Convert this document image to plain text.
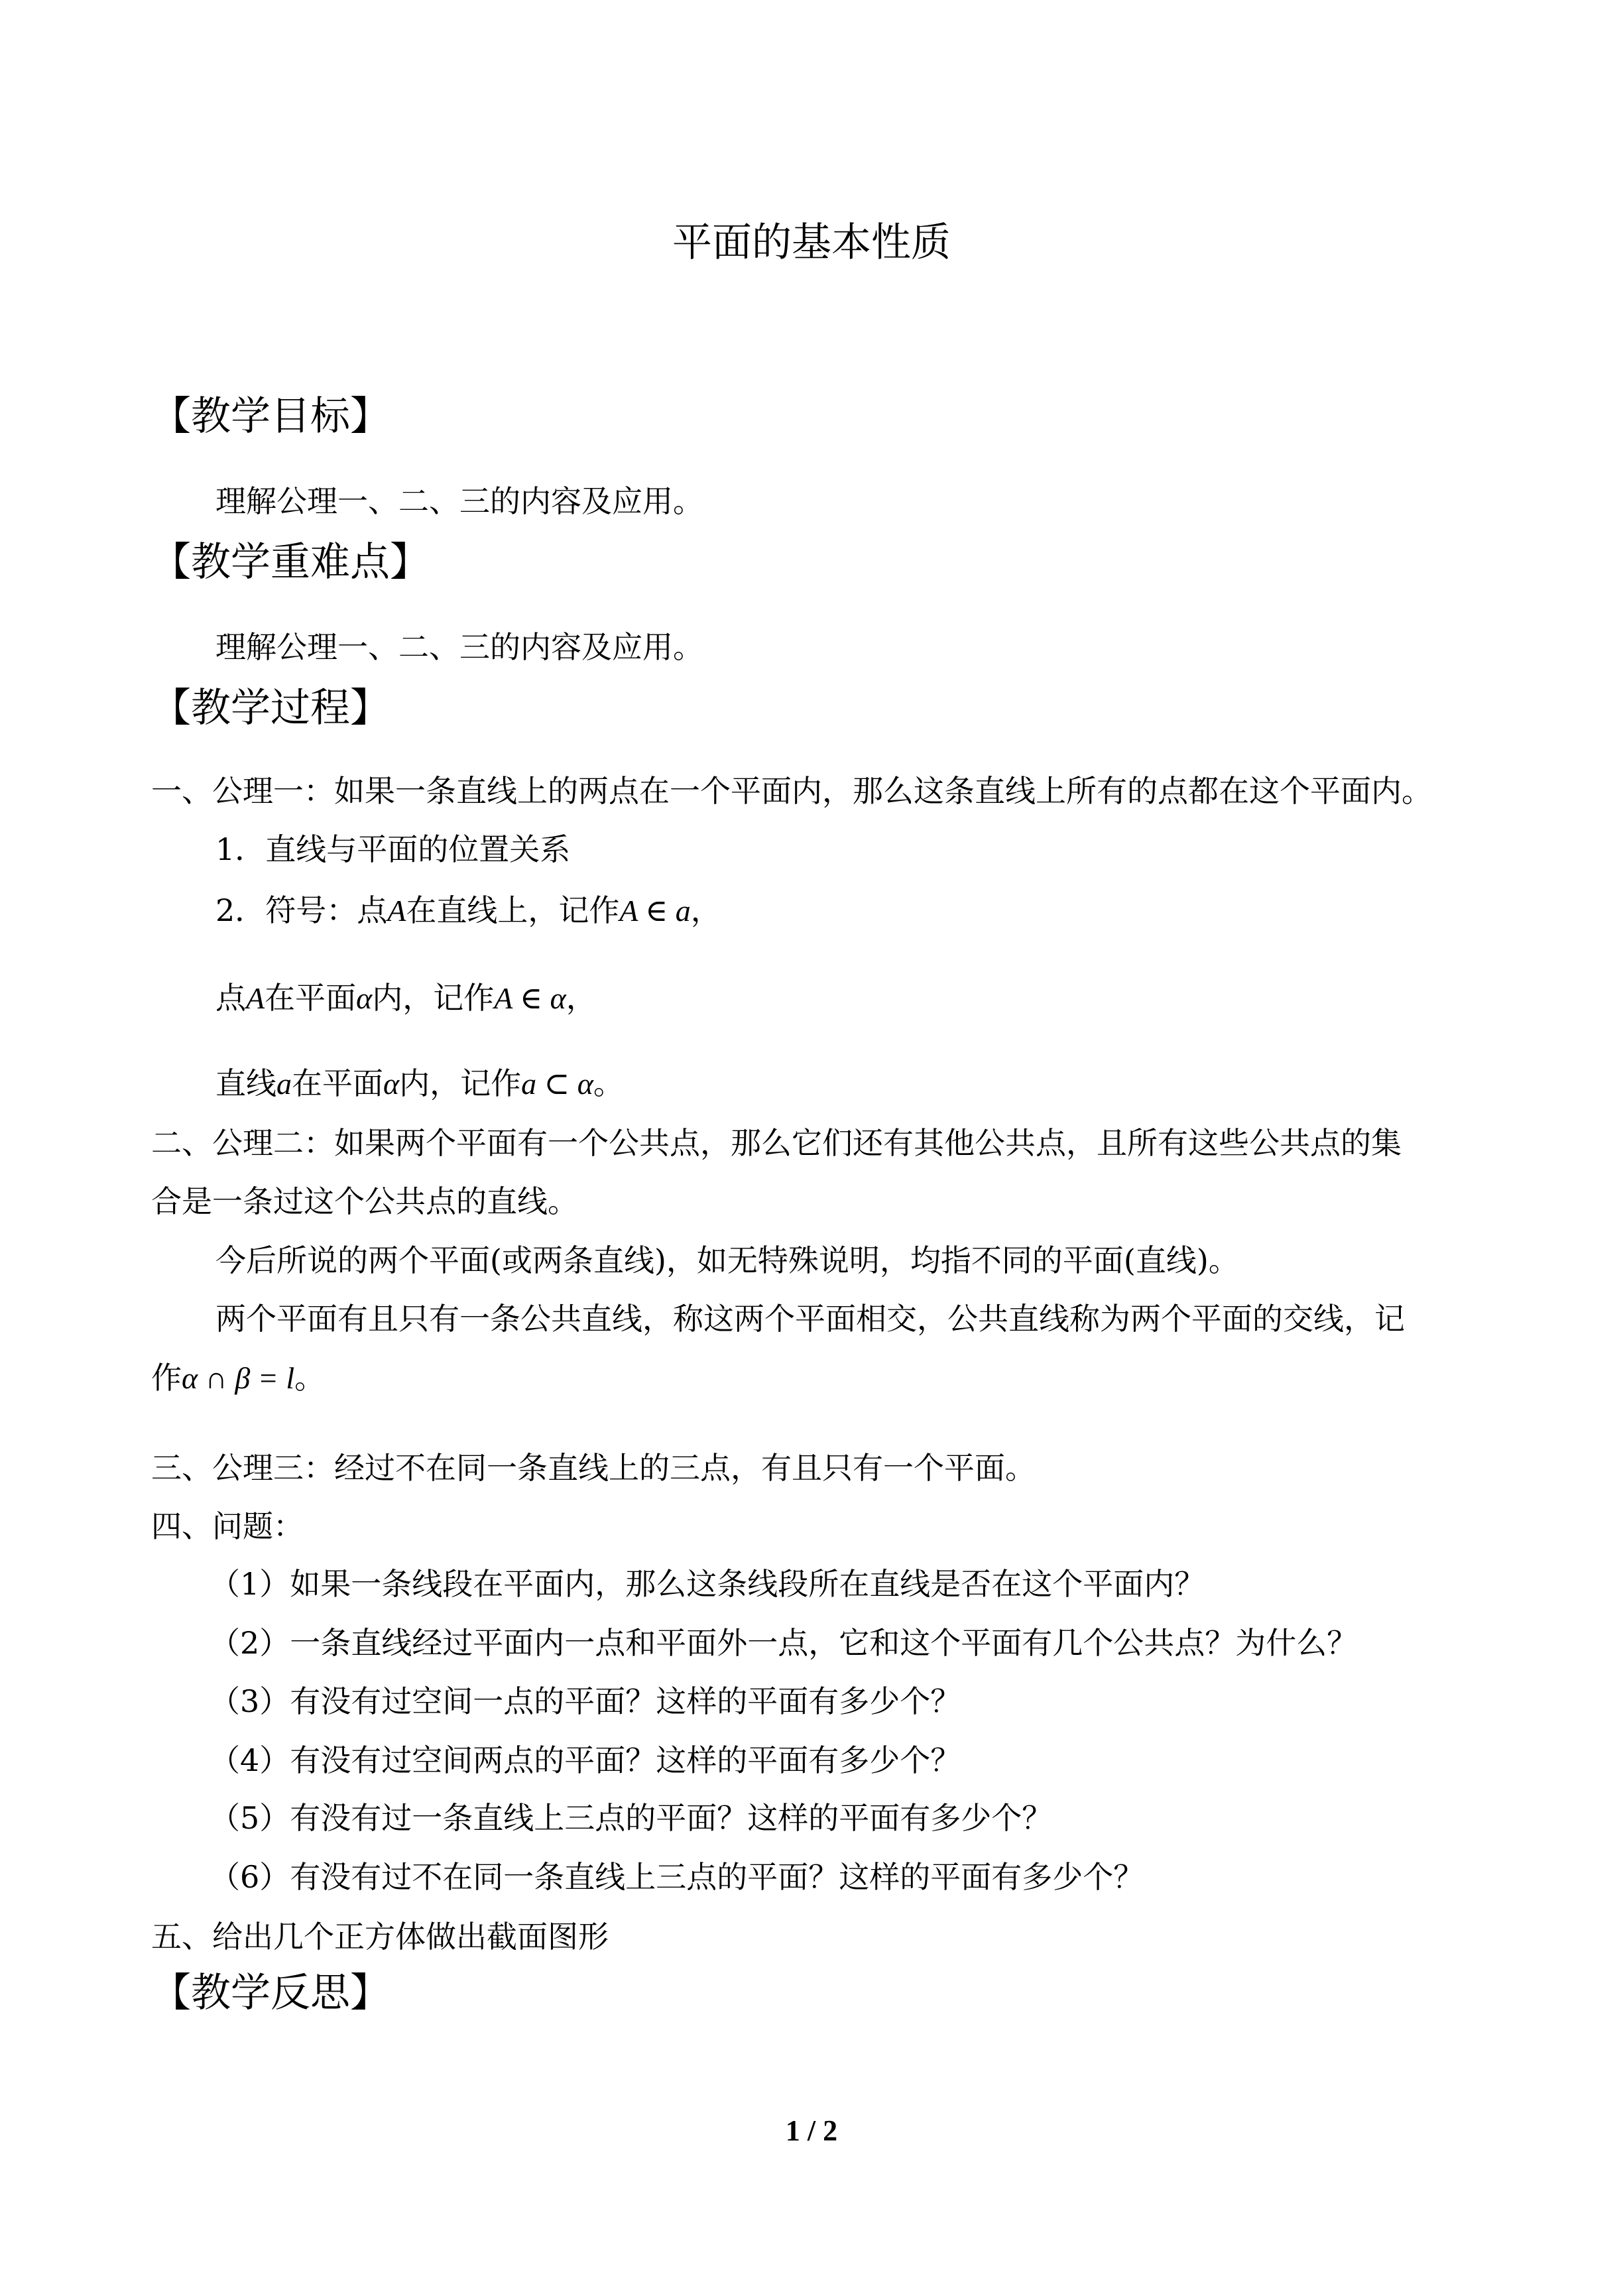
平面的基本性质
【教学目标】
理解公理一、二、三的内容及应用。
【教学重难点】
理解公理一、二、三的内容及应用。
【教学过程】
一、公理一：如果一条直线上的两点在一个平面内，那么这条直线上所有的点都在这个平面内。
1．直线与平面的位置关系
2．符号：点A在直线上，记作A ∈ a，
点A在平面α内，记作A ∈ α，
直线a在平面α内，记作a ⊂ α。
二、公理二：如果两个平面有一个公共点，那么它们还有其他公共点，且所有这些公共点的集
合是一条过这个公共点的直线。
今后所说的两个平面(或两条直线)，如无特殊说明，均指不同的平面(直线)。
两个平面有且只有一条公共直线，称这两个平面相交，公共直线称为两个平面的交线，记
作α ∩ β = l。
三、公理三：经过不在同一条直线上的三点，有且只有一个平面。
四、问题：
（1）如果一条线段在平面内，那么这条线段所在直线是否在这个平面内？
（2）一条直线经过平面内一点和平面外一点，它和这个平面有几个公共点？为什么？
（3）有没有过空间一点的平面？这样的平面有多少个？
（4）有没有过空间两点的平面？这样的平面有多少个？
（5）有没有过一条直线上三点的平面？这样的平面有多少个？
（6）有没有过不在同一条直线上三点的平面？这样的平面有多少个？
五、给出几个正方体做出截面图形
【教学反思】
1 / 2
